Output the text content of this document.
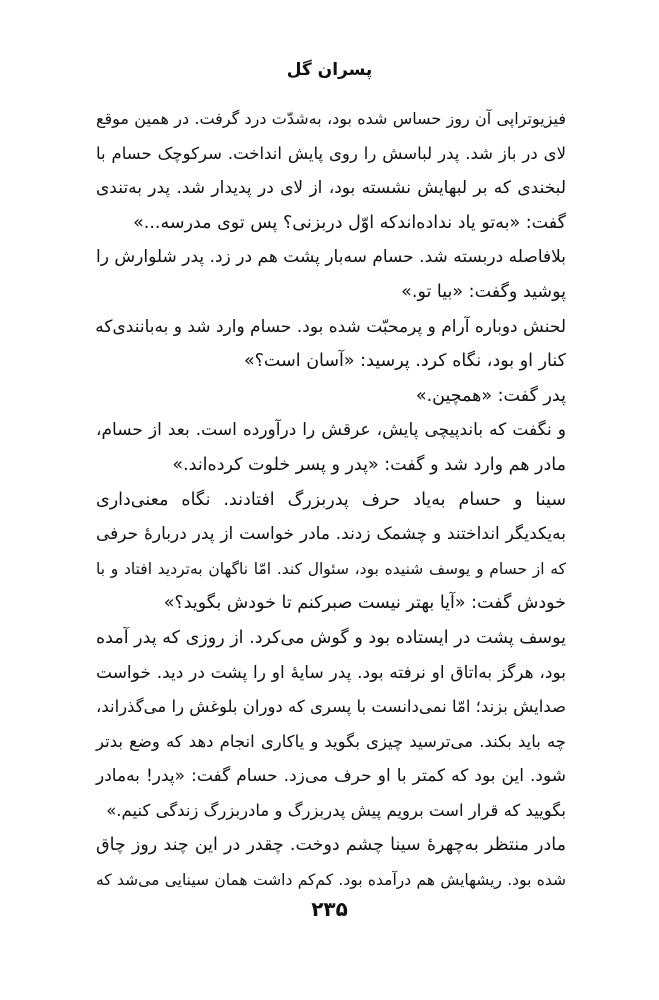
پسران گل
فیزیوتراپی آن روز حساس شده بود، به‌شدّت درد گرفت. در همین موقع
لای در باز شد. پدر لباسش را روی پایش انداخت. سرکوچک حسام با
لبخندی که بر لبهایش نشسته بود، از لای در پدیدار شد. پدر به‌تندی
گفت: «به‌تو یاد نداده‌اندکه اوّل دربزنی؟ پس توی مدرسه...»
بلافاصله دربسته شد. حسام سه‌بار پشت هم در زد. پدر شلوارش را
پوشید وگفت: «بیا تو.»
لحنش دوباره آرام و پرمحبّت شده بود. حسام وارد شد و به‌بانندی‌که
کنار او بود، نگاه کرد. پرسید: «آسان است؟»
پدر گفت: «همچین.»
و نگفت که باندپیچی پایش، عرقش را درآورده است. بعد از حسام،
مادر هم وارد شد و گفت: «پدر و پسر خلوت کرده‌اند.»
سینا و حسام به‌یاد حرف پدربزرگ افتادند. نگاه معنی‌داری
به‌یکدیگر انداختند و چشمک زدند. مادر خواست از پدر دربارهٔ حرفی
که از حسام و یوسف شنیده بود، سئوال کند. امّا ناگهان به‌تردید افتاد و با
خودش گفت: «آیا بهتر نیست صبرکنم تا خودش بگوید؟»
یوسف پشت در ایستاده بود و گوش می‌کرد. از روزی که پدر آمده
بود، هرگز به‌اتاق او نرفته بود. پدر سایهٔ او را پشت در دید. خواست
صدایش بزند؛ امّا نمی‌دانست با پسری که دوران بلوغش را می‌گذراند،
چه باید بکند. می‌ترسید چیزی بگوید و یاکاری انجام دهد که وضع بدتر
شود. این بود که کمتر با او حرف می‌زد. حسام گفت: «پدر! به‌مادر
بگویید که قرار است برویم پیش پدربزرگ و مادربزرگ زندگی کنیم.»
مادر منتظر به‌چهرهٔ سینا چشم دوخت. چقدر در این چند روز چاق
شده بود. ریشهایش هم درآمده بود. کم‌کم داشت همان سینایی می‌شد که
۲۳۵
